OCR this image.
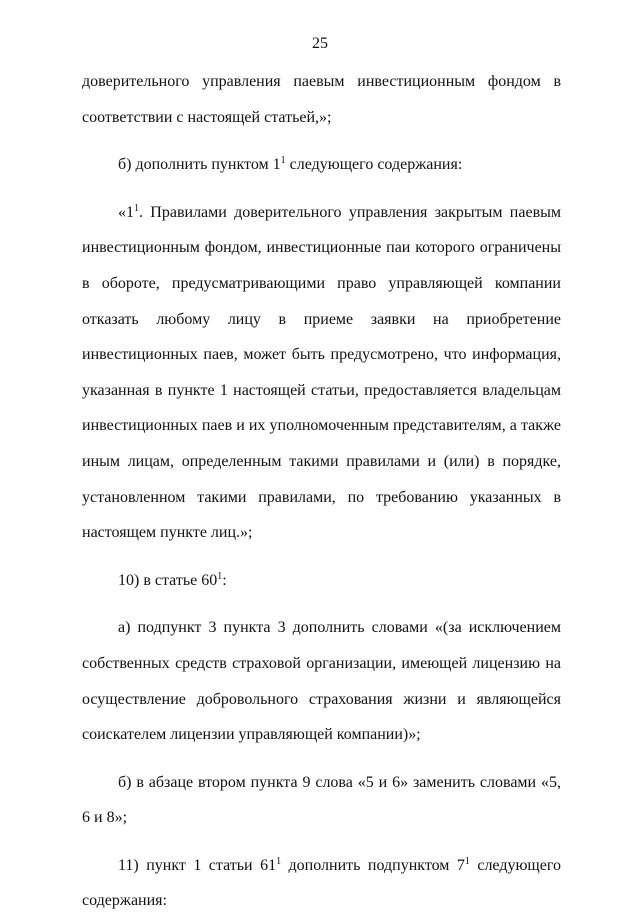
25

доверительного управления паевым инвестиционным фондом в

соответствии с настоящей статьей,»;

б) дополнить пунктом $1^1$ следующего содержания:

«$1^1$. Правилами доверительного управления закрытым паевым инвестиционным фондом, инвестиционные паи которого ограничены в обороте, предусматривающими право управляющей компании отказать любому лицу в приеме заявки на приобретение инвестиционных паев, может быть предусмотрено, что информация, указанная в пункте 1 настоящей статьи, предоставляется владельцам инвестиционных паев и их уполномоченным представителям, а также иным лицам, определенным такими правилами и (или) в порядке, установленном такими правилами, по требованию указанных в настоящем пункте лиц.»;

10) в статье $60^1$:

а) подпункт 3 пункта 3 дополнить словами «(за исключением собственных средств страховой организации, имеющей лицензию на осуществление добровольного страхования жизни и являющейся соискателем лицензии управляющей компании)»;

б) в абзаце втором пункта 9 слова «5 и 6» заменить словами «5, 6 и 8»;

11) пункт 1 статьи $61^1$ дополнить подпунктом $7^1$ следующего содержания:
